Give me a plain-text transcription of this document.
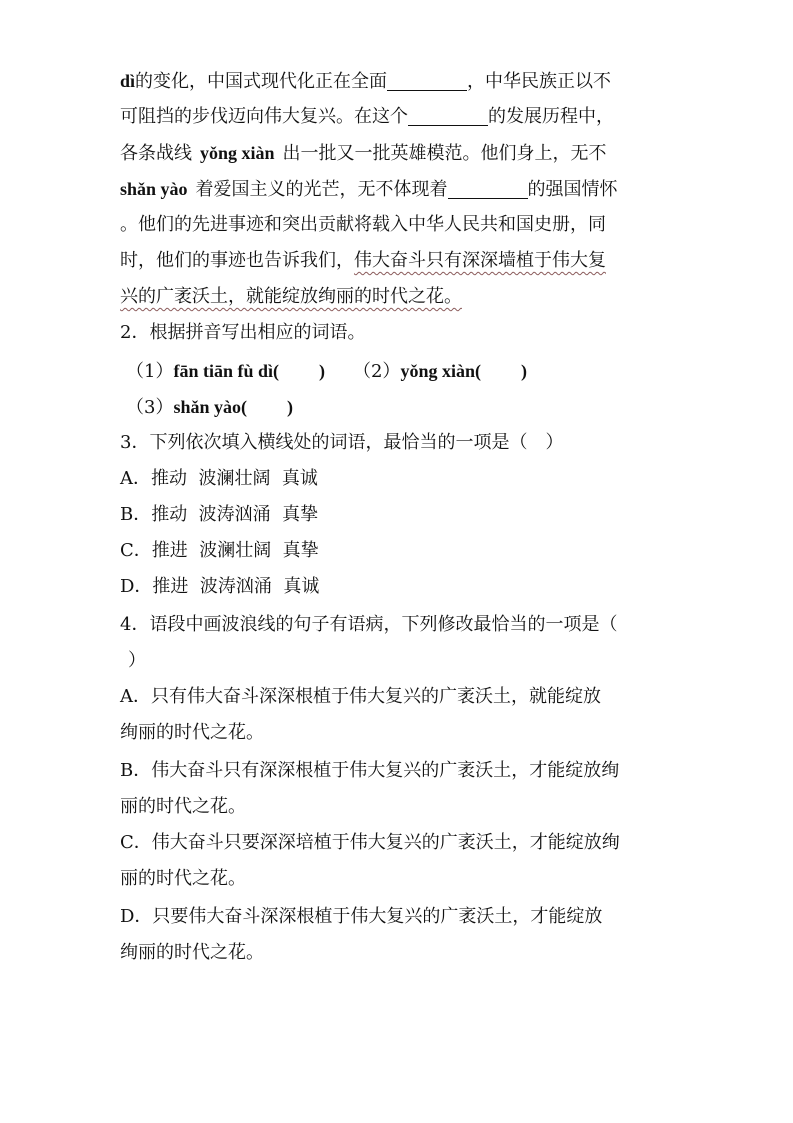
dì的变化，中国式现代化正在全面	，中华民族正以不
可阻挡的步伐迈向伟大复兴。在这个	的发展历程中，
各条战线 yǒng xiàn 出一批又一批英雄模范。他们身上，无不
shǎn yào 着爱国主义的光芒，无不体现着	的强国情怀
。他们的先进事迹和突出贡献将载入中华人民共和国史册，同
时，他们的事迹也告诉我们，伟大奋斗只有深深墙植于伟大复
兴的广袤沃土，就能绽放绚丽的时代之花。
2．根据拼音写出相应的词语。
（1）fān tiān fù dì( ) （2）yǒng xiàn( )
（3）shǎn yào( )
3．下列依次填入横线处的词语，最恰当的一项是（　）
A．推动  波澜壮阔  真诚
B．推动  波涛汹涌  真挚
C．推进  波澜壮阔  真挚
D．推进  波涛汹涌  真诚
4．语段中画波浪线的句子有语病，下列修改最恰当的一项是（
）
A．只有伟大奋斗深深根植于伟大复兴的广袤沃土，就能绽放
绚丽的时代之花。
B．伟大奋斗只有深深根植于伟大复兴的广袤沃土，才能绽放绚
丽的时代之花。
C．伟大奋斗只要深深培植于伟大复兴的广袤沃土，才能绽放绚
丽的时代之花。
D．只要伟大奋斗深深根植于伟大复兴的广袤沃土，才能绽放
绚丽的时代之花。
